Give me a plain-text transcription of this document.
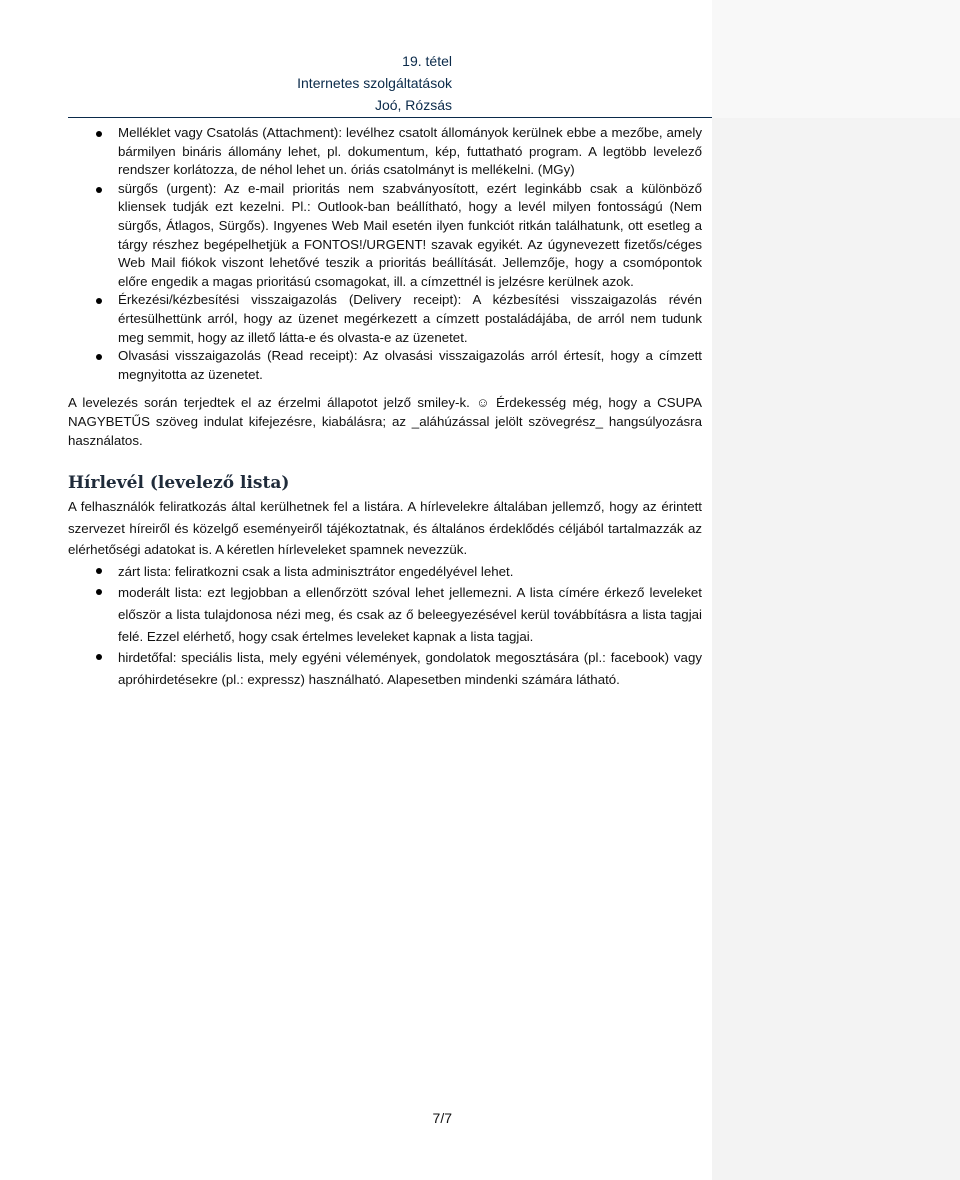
19. tétel
Internetes szolgáltatások
Joó, Rózsás
Melléklet vagy Csatolás (Attachment): levélhez csatolt állományok kerülnek ebbe a mezőbe, amely bármilyen bináris állomány lehet, pl. dokumentum, kép, futtatható program. A legtöbb levelező rendszer korlátozza, de néhol lehet un. óriás csatolmányt is mellékelni. (MGy)
sürgős (urgent): Az e-mail prioritás nem szabványosított, ezért leginkább csak a különböző kliensek tudják ezt kezelni. Pl.: Outlook-ban beállítható, hogy a levél milyen fontosságú (Nem sürgős, Átlagos, Sürgős). Ingyenes Web Mail esetén ilyen funkciót ritkán találhatunk, ott esetleg a tárgy részhez begépelhetjük a FONTOS!/URGENT! szavak egyikét. Az úgynevezett fizetős/céges Web Mail fiókok viszont lehetővé teszik a prioritás beállítását. Jellemzője, hogy a csomópontok előre engedik a magas prioritású csomagokat, ill. a címzettnél is jelzésre kerülnek azok.
Érkezési/kézbesítési visszaigazolás (Delivery receipt): A kézbesítési visszaigazolás révén értesülhettünk arról, hogy az üzenet megérkezett a címzett postaládájába, de arról nem tudunk meg semmit, hogy az illető látta-e és olvasta-e az üzenetet.
Olvasási visszaigazolás (Read receipt): Az olvasási visszaigazolás arról értesít, hogy a címzett megnyitotta az üzenetet.

A levelezés során terjedtek el az érzelmi állapotot jelző smiley-k. ☺ Érdekesség még, hogy a CSUPA NAGYBETŰS szöveg indulat kifejezésre, kiabálásra; az _aláhúzással jelölt szövegrész_ hangsúlyozásra használatos.

Hírlevél (levelező lista)

A felhasználók feliratkozás által kerülhetnek fel a listára. A hírlevelekre általában jellemző, hogy az érintett szervezet híreiről és közelgő eseményeiről tájékoztatnak, és általános érdeklődés céljából tartalmazzák az elérhetőségi adatokat is. A kéretlen hírleveleket spamnek nevezzük.

zárt lista: feliratkozni csak a lista adminisztrátor engedélyével lehet.
moderált lista: ezt legjobban a ellenőrzött szóval lehet jellemezni. A lista címére érkező leveleket először a lista tulajdonosa nézi meg, és csak az ő beleegyezésével kerül továbbításra a lista tagjai felé. Ezzel elérhető, hogy csak értelmes leveleket kapnak a lista tagjai.
hirdetőfal: speciális lista, mely egyéni vélemények, gondolatok megosztására (pl.: facebook) vagy apróhirdetésekre (pl.: expressz) használható. Alapesetben mindenki számára látható.
7/7
